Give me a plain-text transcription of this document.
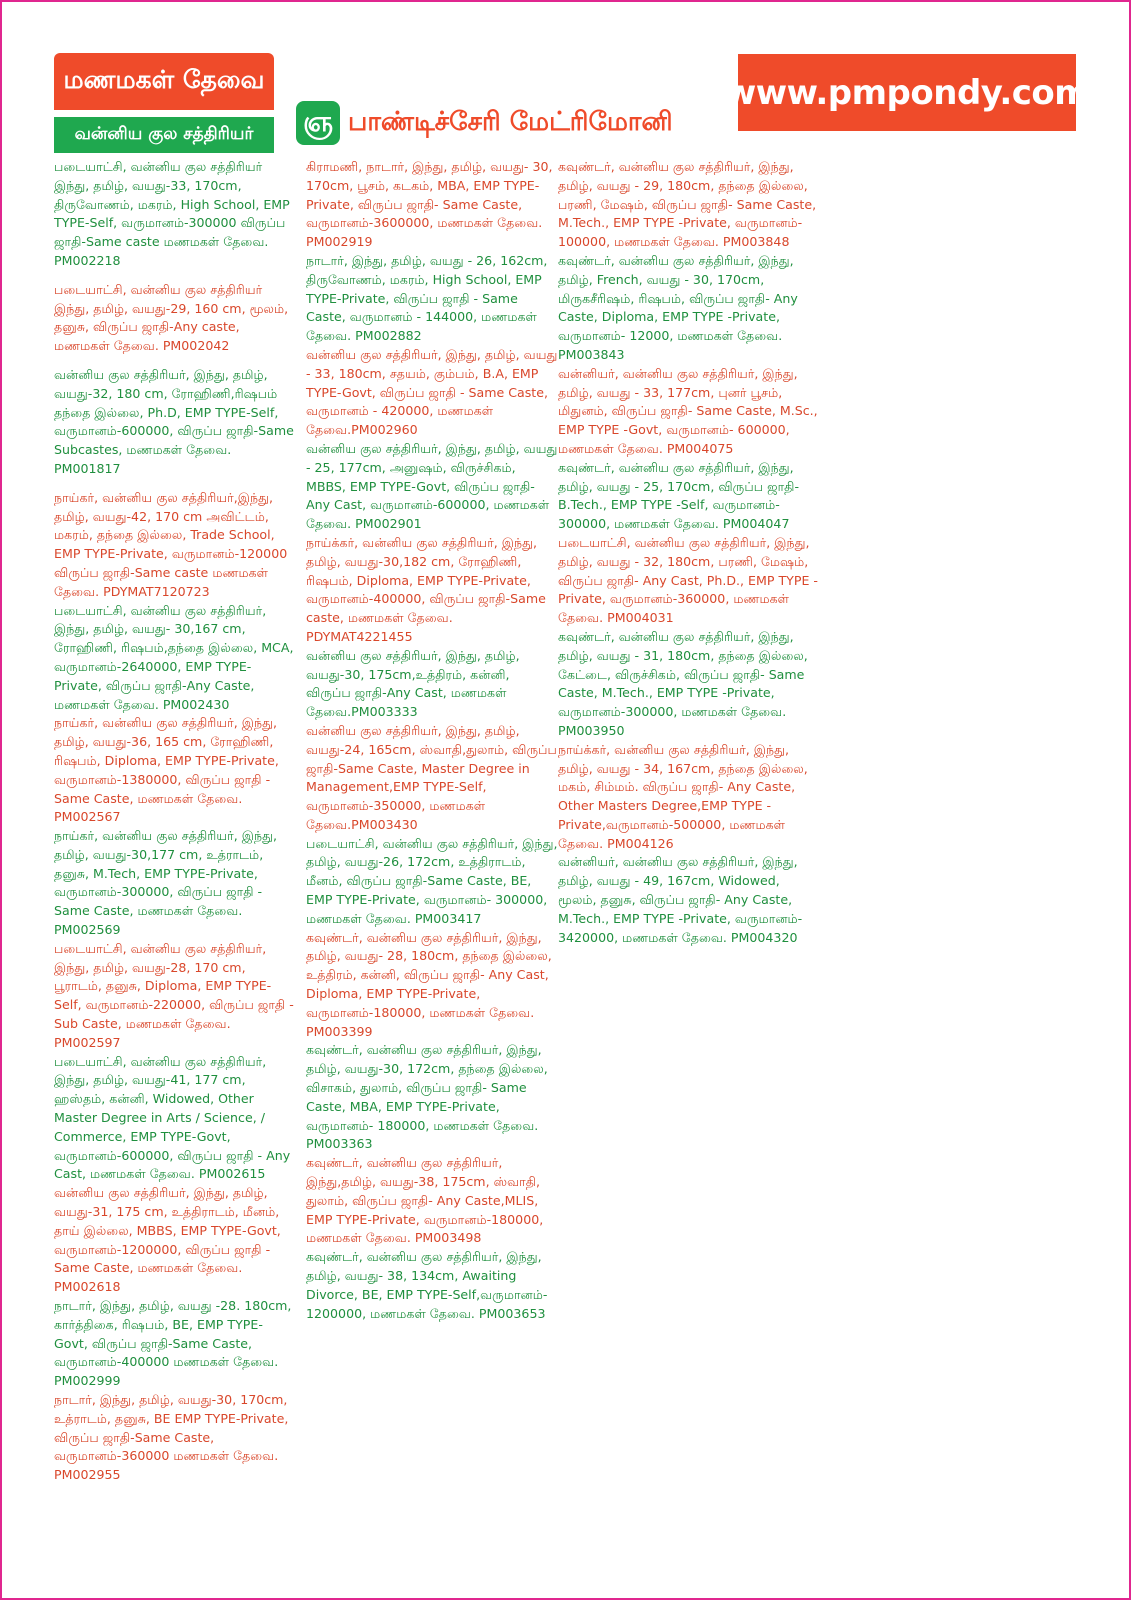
மணமகள் தேவை
வன்னிய குல சத்திரியர்	ஞ பாண்டிச்சேரி மேட்ரிமோனி
www.pmpondy.com

படையாட்சி, வன்னிய குல சத்திரியர் இந்து, தமிழ், வயது-33, 170cm, திருவோணம், மகரம், High School, EMP TYPE-Self, வருமானம்-300000 விருப்ப ஜாதி-Same caste மணமகள் தேவை. PM002218

படையாட்சி, வன்னிய குல சத்திரியர் இந்து, தமிழ், வயது-29, 160 cm, மூலம், தனுசு, விருப்ப ஜாதி-Any caste, மணமகள் தேவை. PM002042

வன்னிய குல சத்திரியர், இந்து, தமிழ், வயது-32, 180 cm, ரோஹிணி,ரிஷபம் தந்தை இல்லை, Ph.D, EMP TYPE-Self, வருமானம்-600000, விருப்ப ஜாதி-Same Subcastes, மணமகள் தேவை. PM001817

நாய்கர், வன்னிய குல சத்திரியர்,இந்து, தமிழ், வயது-42, 170 cm அவிட்டம், மகரம், தந்தை இல்லை, Trade School, EMP TYPE-Private, வருமானம்-120000 விருப்ப ஜாதி-Same caste மணமகள் தேவை. PDYMAT7120723

படையாட்சி, வன்னிய குல சத்திரியர், இந்து, தமிழ், வயது- 30,167 cm, ரோஹிணி, ரிஷபம்,தந்தை இல்லை, MCA, வருமானம்-2640000, EMP TYPE-Private, விருப்ப ஜாதி-Any Caste, மணமகள் தேவை. PM002430

நாய்கர், வன்னிய குல சத்திரியர், இந்து, தமிழ், வயது-36, 165 cm, ரோஹிணி, ரிஷபம், Diploma, EMP TYPE-Private, வருமானம்-1380000, விருப்ப ஜாதி - Same Caste, மணமகள் தேவை. PM002567

நாய்கர், வன்னிய குல சத்திரியர், இந்து, தமிழ், வயது-30,177 cm, உத்ராடம், தனுசு, M.Tech, EMP TYPE-Private, வருமானம்-300000, விருப்ப ஜாதி -Same Caste, மணமகள் தேவை. PM002569

படையாட்சி, வன்னிய குல சத்திரியர், இந்து, தமிழ், வயது-28, 170 cm, பூராடம், தனுசு, Diploma, EMP TYPE-Self, வருமானம்-220000, விருப்ப ஜாதி - Sub Caste, மணமகள் தேவை. PM002597

படையாட்சி, வன்னிய குல சத்திரியர், இந்து, தமிழ், வயது-41, 177 cm, ஹஸ்தம், கன்னி, Widowed, Other Master Degree in Arts / Science, / Commerce, EMP TYPE-Govt, வருமானம்-600000, விருப்ப ஜாதி - Any Cast, மணமகள் தேவை. PM002615

வன்னிய குல சத்திரியர், இந்து, தமிழ், வயது-31, 175 cm, உத்திராடம், மீனம், தாய் இல்லை, MBBS, EMP TYPE-Govt, வருமானம்-1200000, விருப்ப ஜாதி - Same Caste, மணமகள் தேவை. PM002618

நாடார், இந்து, தமிழ், வயது -28. 180cm, கார்த்திகை, ரிஷபம், BE, EMP TYPE-Govt, விருப்ப ஜாதி-Same Caste, வருமானம்-400000 மணமகள் தேவை. PM002999

நாடார், இந்து, தமிழ், வயது-30, 170cm, உத்ராடம், தனுசு, BE EMP TYPE-Private, விருப்ப ஜாதி-Same Caste, வருமானம்-360000 மணமகள் தேவை. PM002955

கிராமணி, நாடார், இந்து, தமிழ், வயது- 30, 170cm, பூசம், கடகம், MBA, EMP TYPE-Private, விருப்ப ஜாதி- Same Caste, வருமானம்-3600000, மணமகள் தேவை. PM002919

நாடார், இந்து, தமிழ், வயது - 26, 162cm, திருவோணம், மகரம், High School, EMP TYPE-Private, விருப்ப ஜாதி - Same Caste, வருமானம் - 144000, மணமகள் தேவை. PM002882

வன்னிய குல சத்திரியர், இந்து, தமிழ், வயது - 33, 180cm, சதயம், கும்பம், B.A, EMP TYPE-Govt, விருப்ப ஜாதி - Same Caste, வருமானம் - 420000, மணமகள் தேவை.PM002960

வன்னிய குல சத்திரியர், இந்து, தமிழ், வயது - 25, 177cm, அனுஷம், விருச்சிகம், MBBS, EMP TYPE-Govt, விருப்ப ஜாதி-Any Cast, வருமானம்-600000, மணமகள் தேவை. PM002901

நாய்க்கர், வன்னிய குல சத்திரியர், இந்து, தமிழ், வயது-30,182 cm, ரோஹிணி, ரிஷபம், Diploma, EMP TYPE-Private, வருமானம்-400000, விருப்ப ஜாதி-Same caste, மணமகள் தேவை. PDYMAT4221455

வன்னிய குல சத்திரியர், இந்து, தமிழ், வயது-30, 175cm,உத்திரம், கன்னி, விருப்ப ஜாதி-Any Cast, மணமகள் தேவை.PM003333

வன்னிய குல சத்திரியர், இந்து, தமிழ், வயது-24, 165cm, ஸ்வாதி,துலாம், விருப்ப ஜாதி-Same Caste, Master Degree in Management,EMP TYPE-Self, வருமானம்-350000, மணமகள் தேவை.PM003430

படையாட்சி, வன்னிய குல சத்திரியர், இந்து, தமிழ், வயது-26, 172cm, உத்திராடம், மீனம், விருப்ப ஜாதி-Same Caste, BE, EMP TYPE-Private, வருமானம்- 300000, மணமகள் தேவை. PM003417

கவுண்டர், வன்னிய குல சத்திரியர், இந்து, தமிழ், வயது- 28, 180cm, தந்தை இல்லை, உத்திரம், கன்னி, விருப்ப ஜாதி- Any Cast, Diploma, EMP TYPE-Private, வருமானம்-180000, மணமகள் தேவை. PM003399

கவுண்டர், வன்னிய குல சத்திரியர், இந்து, தமிழ், வயது-30, 172cm, தந்தை இல்லை, விசாகம், துலாம், விருப்ப ஜாதி- Same Caste, MBA, EMP TYPE-Private, வருமானம்- 180000, மணமகள் தேவை. PM003363

கவுண்டர், வன்னிய குல சத்திரியர், இந்து,தமிழ், வயது-38, 175cm, ஸ்வாதி, துலாம், விருப்ப ஜாதி- Any Caste,MLIS, EMP TYPE-Private, வருமானம்-180000, மணமகள் தேவை. PM003498

கவுண்டர், வன்னிய குல சத்திரியர், இந்து, தமிழ், வயது- 38, 134cm, Awaiting Divorce, BE, EMP TYPE-Self,வருமானம்- 1200000, மணமகள் தேவை. PM003653

கவுண்டர், வன்னிய குல சத்திரியர், இந்து, தமிழ், வயது - 29, 180cm, தந்தை இல்லை, பரணி, மேஷம், விருப்ப ஜாதி- Same Caste, M.Tech., EMP TYPE -Private, வருமானம்- 100000, மணமகள் தேவை. PM003848

கவுண்டர், வன்னிய குல சத்திரியர், இந்து, தமிழ், French, வயது - 30, 170cm, மிருகசீரிஷம், ரிஷபம், விருப்ப ஜாதி- Any Caste, Diploma, EMP TYPE -Private, வருமானம்- 12000, மணமகள் தேவை. PM003843

வன்னியர், வன்னிய குல சத்திரியர், இந்து, தமிழ், வயது - 33, 177cm, புனர் பூசம், மிதுனம், விருப்ப ஜாதி- Same Caste, M.Sc., EMP TYPE -Govt, வருமானம்- 600000, மணமகள் தேவை. PM004075

கவுண்டர், வன்னிய குல சத்திரியர், இந்து, தமிழ், வயது - 25, 170cm, விருப்ப ஜாதி- B.Tech., EMP TYPE -Self, வருமானம்- 300000, மணமகள் தேவை. PM004047

படையாட்சி, வன்னிய குல சத்திரியர், இந்து, தமிழ், வயது - 32, 180cm, பரணி, மேஷம், விருப்ப ஜாதி- Any Cast, Ph.D., EMP TYPE -Private, வருமானம்-360000, மணமகள் தேவை. PM004031

கவுண்டர், வன்னிய குல சத்திரியர், இந்து, தமிழ், வயது - 31, 180cm, தந்தை இல்லை, கேட்டை, விருச்சிகம், விருப்ப ஜாதி- Same Caste, M.Tech., EMP TYPE -Private, வருமானம்-300000, மணமகள் தேவை. PM003950

நாய்க்கர், வன்னிய குல சத்திரியர், இந்து, தமிழ், வயது - 34, 167cm, தந்தை இல்லை, மகம், சிம்மம். விருப்ப ஜாதி- Any Caste, Other Masters Degree,EMP TYPE -Private,வருமானம்-500000, மணமகள் தேவை. PM004126

வன்னியர், வன்னிய குல சத்திரியர், இந்து, தமிழ், வயது - 49, 167cm, Widowed, மூலம், தனுசு, விருப்ப ஜாதி- Any Caste, M.Tech., EMP TYPE -Private, வருமானம்- 3420000, மணமகள் தேவை. PM004320
